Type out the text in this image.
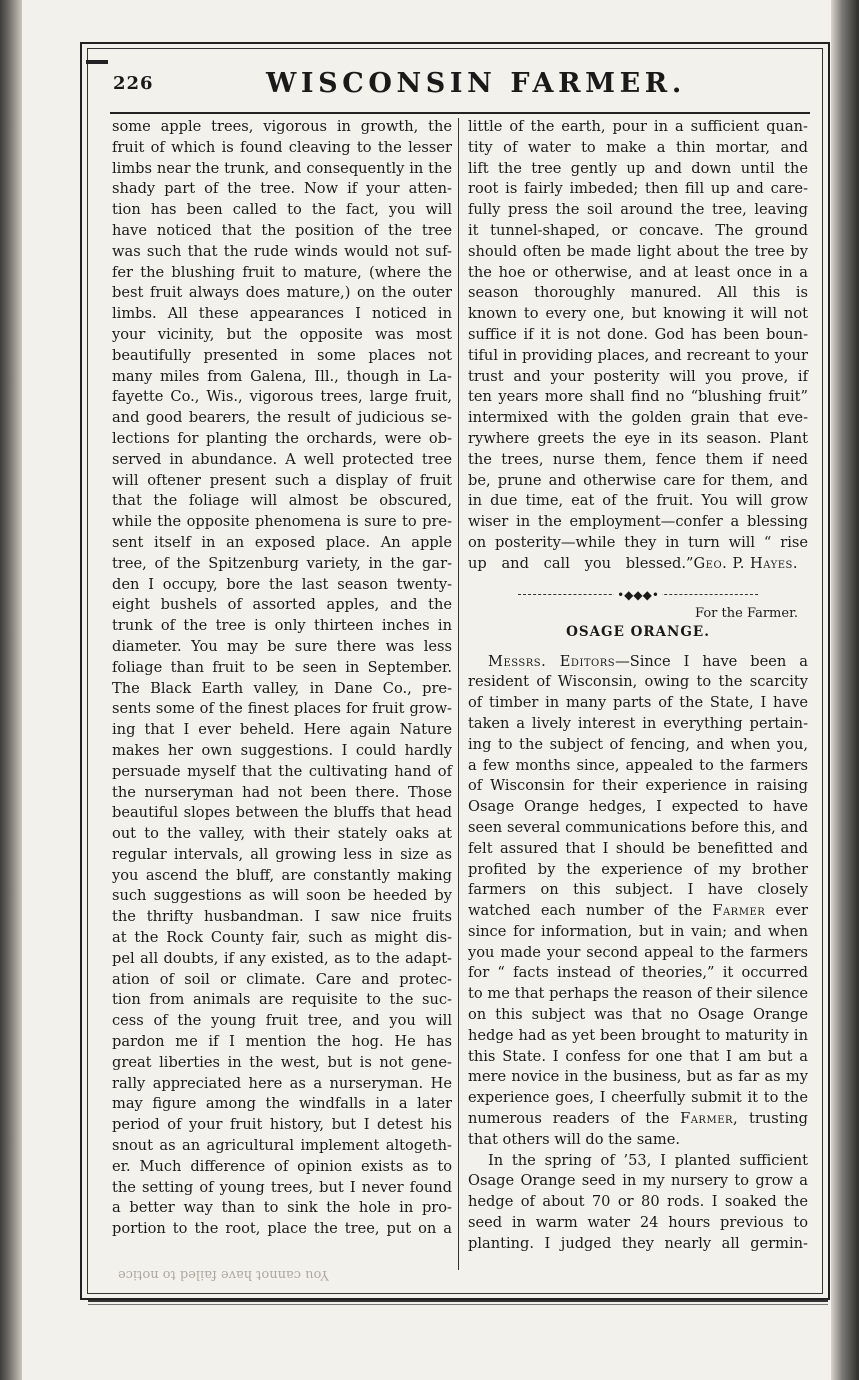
226	WISCONSIN FARMER.
some apple trees, vigorous in growth, the
fruit of which is found cleaving to the lesser
limbs near the trunk, and consequently in the
shady part of the tree. Now if your atten-
tion has been called to the fact, you will
have noticed that the position of the tree
was such that the rude winds would not suf-
fer the blushing fruit to mature, (where the
best fruit always does mature,) on the outer
limbs. All these appearances I noticed in
your vicinity, but the opposite was most
beautifully presented in some places not
many miles from Galena, Ill., though in La-
fayette Co., Wis., vigorous trees, large fruit,
and good bearers, the result of judicious se-
lections for planting the orchards, were ob-
served in abundance. A well protected tree
will oftener present such a display of fruit
that the foliage will almost be obscured,
while the opposite phenomena is sure to pre-
sent itself in an exposed place. An apple
tree, of the Spitzenburg variety, in the gar-
den I occupy, bore the last season twenty-
eight bushels of assorted apples, and the
trunk of the tree is only thirteen inches in
diameter. You may be sure there was less
foliage than fruit to be seen in September.
The Black Earth valley, in Dane Co., pre-
sents some of the finest places for fruit grow-
ing that I ever beheld. Here again Nature
makes her own suggestions. I could hardly
persuade myself that the cultivating hand of
the nurseryman had not been there. Those
beautiful slopes between the bluffs that head
out to the valley, with their stately oaks at
regular intervals, all growing less in size as
you ascend the bluff, are constantly making
such suggestions as will soon be heeded by
the thrifty husbandman. I saw nice fruits
at the Rock County fair, such as might dis-
pel all doubts, if any existed, as to the adapt-
ation of soil or climate. Care and protec-
tion from animals are requisite to the suc-
cess of the young fruit tree, and you will
pardon me if I mention the hog. He has
great liberties in the west, but is not gene-
rally appreciated here as a nurseryman. He
may figure among the windfalls in a later
period of your fruit history, but I detest his
snout as an agricultural implement altogeth-
er. Much difference of opinion exists as to
the setting of young trees, but I never found
a better way than to sink the hole in pro-
portion to the root, place the tree, put on a
little of the earth, pour in a sufficient quan-
tity of water to make a thin mortar, and
lift the tree gently up and down until the
root is fairly imbeded; then fill up and care-
fully press the soil around the tree, leaving
it tunnel-shaped, or concave. The ground
should often be made light about the tree by
the hoe or otherwise, and at least once in a
season thoroughly manured. All this is
known to every one, but knowing it will not
suffice if it is not done. God has been boun-
tiful in providing places, and recreant to your
trust and your posterity will you prove, if
ten years more shall find no “blushing fruit”
intermixed with the golden grain that eve-
rywhere greets the eye in its season. Plant
the trees, nurse them, fence them if need
be, prune and otherwise care for them, and
in due time, eat of the fruit. You will grow
wiser in the employment—confer a blessing
on posterity—while they in turn will “ rise
up and call you blessed.” Geo. P. Hayes.
•◆◆◆•
For the Farmer.
OSAGE ORANGE.
Messrs. Editors—Since I have been a
resident of Wisconsin, owing to the scarcity
of timber in many parts of the State, I have
taken a lively interest in everything pertain-
ing to the subject of fencing, and when you,
a few months since, appealed to the farmers
of Wisconsin for their experience in raising
Osage Orange hedges, I expected to have
seen several communications before this, and
felt assured that I should be benefitted and
profited by the experience of my brother
farmers on this subject. I have closely
watched each number of the Farmer ever
since for information, but in vain; and when
you made your second appeal to the farmers
for “ facts instead of theories,” it occurred
to me that perhaps the reason of their silence
on this subject was that no Osage Orange
hedge had as yet been brought to maturity in
this State. I confess for one that I am but a
mere novice in the business, but as far as my
experience goes, I cheerfully submit it to the
numerous readers of the Farmer, trusting
that others will do the same.
In the spring of ’53, I planted sufficient
Osage Orange seed in my nursery to grow a
hedge of about 70 or 80 rods. I soaked the
seed in warm water 24 hours previous to
planting. I judged they nearly all germin-
You cannot have failed to notice
